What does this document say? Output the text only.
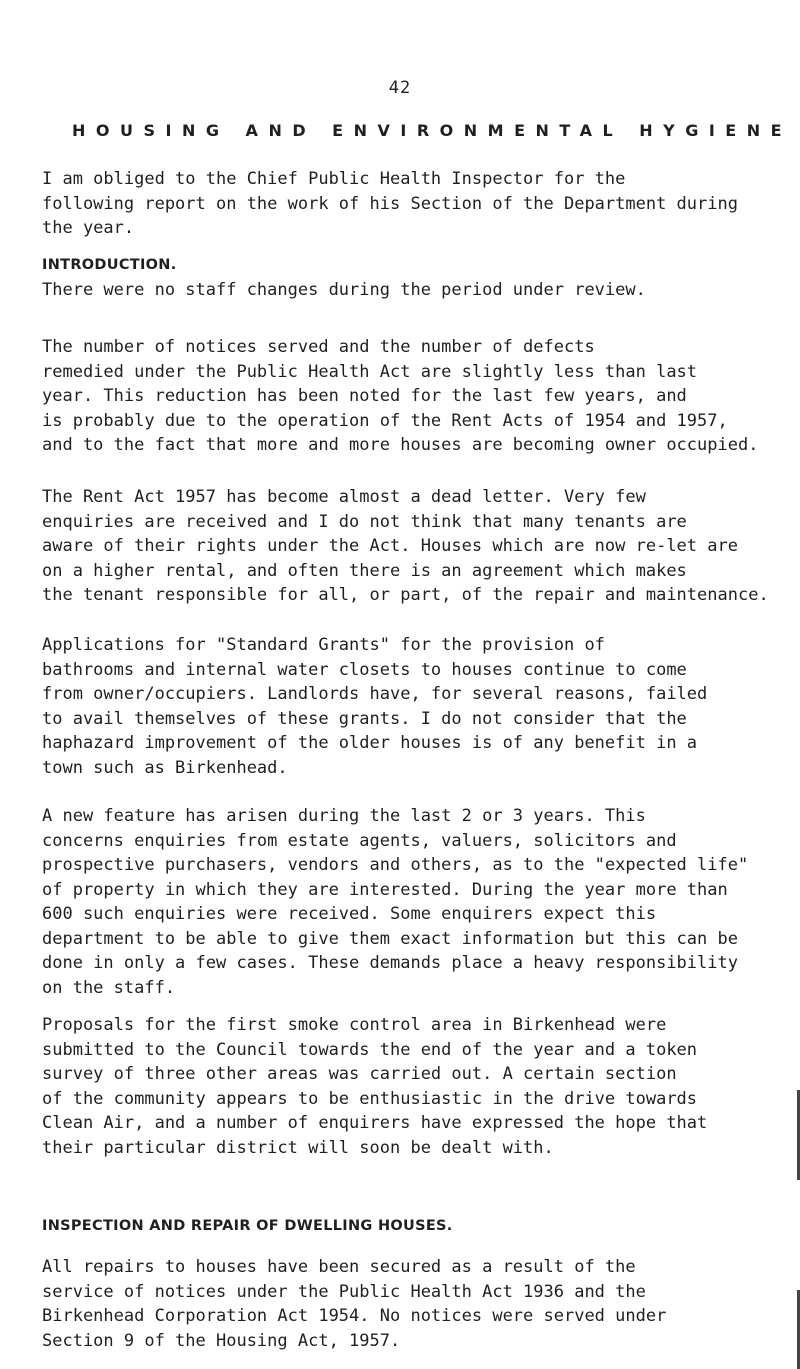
42
HOUSING AND ENVIRONMENTAL HYGIENE
I am obliged to the Chief Public Health Inspector for the
following report on the work of his Section of the Department during
the year.
INTRODUCTION.
There were no staff changes during the period under review.
The number of notices served and the number of defects
remedied under the Public Health Act are slightly less than last
year. This reduction has been noted for the last few years, and
is probably due to the operation of the Rent Acts of 1954 and 1957,
and to the fact that more and more houses are becoming owner occupied.
The Rent Act 1957 has become almost a dead letter. Very few
enquiries are received and I do not think that many tenants are
aware of their rights under the Act. Houses which are now re-let are
on a higher rental, and often there is an agreement which makes
the tenant responsible for all, or part, of the repair and maintenance.
Applications for "Standard Grants" for the provision of
bathrooms and internal water closets to houses continue to come
from owner/occupiers. Landlords have, for several reasons, failed
to avail themselves of these grants. I do not consider that the
haphazard improvement of the older houses is of any benefit in a
town such as Birkenhead.
A new feature has arisen during the last 2 or 3 years. This
concerns enquiries from estate agents, valuers, solicitors and
prospective purchasers, vendors and others, as to the "expected life"
of property in which they are interested. During the year more than
600 such enquiries were received. Some enquirers expect this
department to be able to give them exact information but this can be
done in only a few cases. These demands place a heavy responsibility
on the staff.
Proposals for the first smoke control area in Birkenhead were
submitted to the Council towards the end of the year and a token
survey of three other areas was carried out. A certain section
of the community appears to be enthusiastic in the drive towards
Clean Air, and a number of enquirers have expressed the hope that
their particular district will soon be dealt with.
INSPECTION AND REPAIR OF DWELLING HOUSES.
All repairs to houses have been secured as a result of the
service of notices under the Public Health Act 1936 and the
Birkenhead Corporation Act 1954. No notices were served under
Section 9 of the Housing Act, 1957.
